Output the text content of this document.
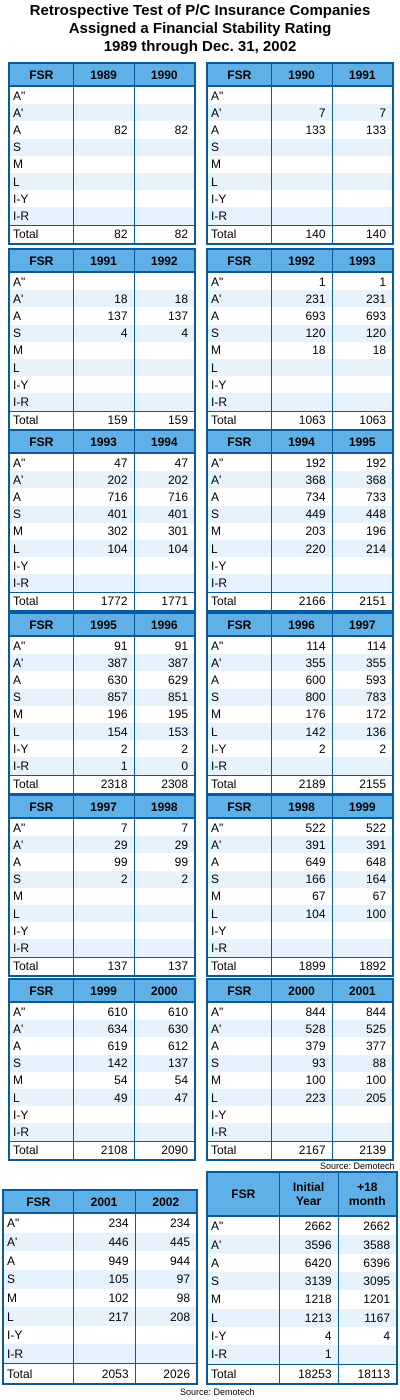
Retrospective Test of P/C Insurance Companies
Assigned a Financial Stability Rating
1989 through Dec. 31, 2002
FSR	1989	1990
A"		
A'		
A	82	82
S		
M		
L		
I-Y		
I-R		
Total	82	82
FSR	1990	1991
A"		
A'	7	7
A	133	133
S		
M		
L		
I-Y		
I-R		
Total	140	140
FSR	1991	1992
A"		
A'	18	18
A	137	137
S	4	4
M		
L		
I-Y		
I-R		
Total	159	159
FSR	1992	1993
A"	1	1
A'	231	231
A	693	693
S	120	120
M	18	18
L		
I-Y		
I-R		
Total	1063	1063
FSR	1993	1994
A"	47	47
A'	202	202
A	716	716
S	401	401
M	302	301
L	104	104
I-Y		
I-R		
Total	1772	1771
FSR	1994	1995
A"	192	192
A'	368	368
A	734	733
S	449	448
M	203	196
L	220	214
I-Y		
I-R		
Total	2166	2151
FSR	1995	1996
A"	91	91
A'	387	387
A	630	629
S	857	851
M	196	195
L	154	153
I-Y	2	2
I-R	1	0
Total	2318	2308
FSR	1996	1997
A"	114	114
A'	355	355
A	600	593
S	800	783
M	176	172
L	142	136
I-Y	2	2
I-R		
Total	2189	2155
FSR	1997	1998
A"	7	7
A'	29	29
A	99	99
S	2	2
M		
L		
I-Y		
I-R		
Total	137	137
FSR	1998	1999
A"	522	522
A'	391	391
A	649	648
S	166	164
M	67	67
L	104	100
I-Y		
I-R		
Total	1899	1892
FSR	1999	2000
A"	610	610
A'	634	630
A	619	612
S	142	137
M	54	54
L	49	47
I-Y		
I-R		
Total	2108	2090
FSR	2000	2001
A"	844	844
A'	528	525
A	379	377
S	93	88
M	100	100
L	223	205
I-Y		
I-R		
Total	2167	2139
FSR	2001	2002
A"	234	234
A'	446	445
A	949	944
S	105	97
M	102	98
L	217	208
I-Y		
I-R		
Total	2053	2026
FSR	Initial Year	+18 month
A"	2662	2662
A'	3596	3588
A	6420	6396
S	3139	3095
M	1218	1201
L	1213	1167
I-Y	4	4
I-R	1	
Total	18253	18113
Source: Demotech
Source: Demotech
